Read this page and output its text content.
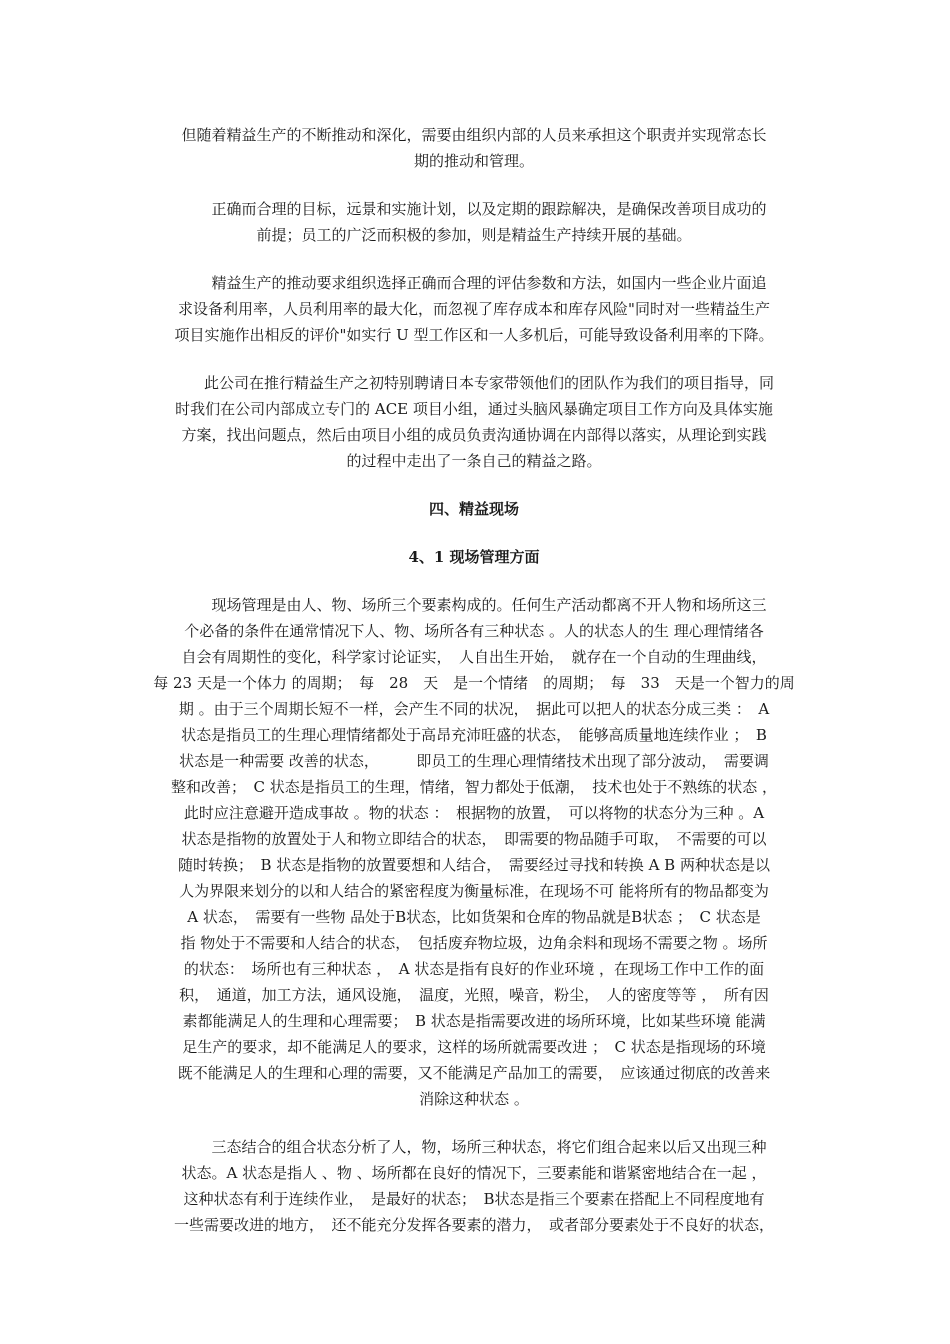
但随着精益生产的不断推动和深化，需要由组织内部的人员来承担这个职责并实现常态长
期的推动和管理。
　　正确而合理的目标，远景和实施计划，以及定期的跟踪解决，是确保改善项目成功的
前提；员工的广泛而积极的参加，则是精益生产持续开展的基础。
　　精益生产的推动要求组织选择正确而合理的评估参数和方法，如国内一些企业片面追
求设备利用率，人员利用率的最大化，而忽视了库存成本和库存风险"同时对一些精益生产
项目实施作出相反的评价"如实行 U 型工作区和一人多机后，可能导致设备利用率的下降。
　　此公司在推行精益生产之初特别聘请日本专家带领他们的团队作为我们的项目指导，同
时我们在公司内部成立专门的 ACE 项目小组，通过头脑风暴确定项目工作方向及具体实施
方案，找出问题点，然后由项目小组的成员负责沟通协调在内部得以落实，从理论到实践
的过程中走出了一条自己的精益之路。
四、精益现场
4、1 现场管理方面
　　现场管理是由人、物、场所三个要素构成的。任何生产活动都离不开人物和场所这三
个必备的条件在通常情况下人、物、场所各有三种状态 。人的状态人的生 理心理情绪各
自会有周期性的变化，科学家讨论证实，　人自出生开始，　就存在一个自动的生理曲线，
每 23 天是一个体力 的周期；　每　28　天　是一个情绪　的周期；　每　33　天是一个智力的周
期 。由于三个周期长短不一样，会产生不同的状况，　据此可以把人的状态分成三类 ：　A
状态是指员工的生理心理情绪都处于高昂充沛旺盛的状态，　能够高质量地连续作业 ；　B
状态是一种需要 改善的状态，　　　即员工的生理心理情绪技术出现了部分波动，　需要调
整和改善；　C 状态是指员工的生理，情绪，智力都处于低潮，　技术也处于不熟练的状态 ，
此时应注意避开造成事故 。物的状态 ：　根据物的放置，　可以将物的状态分为三种 。A
状态是指物的放置处于人和物立即结合的状态，　即需要的物品随手可取，　不需要的可以
随时转换；　B 状态是指物的放置要想和人结合，　需要经过寻找和转换 A B 两种状态是以
人为界限来划分的以和人结合的紧密程度为衡量标准，在现场不可 能将所有的物品都变为
A 状态，　需要有一些物 品处于B状态，比如货架和仓库的物品就是B状态 ；　C 状态是
指 物处于不需要和人结合的状态，　包括废弃物垃圾，边角余料和现场不需要之物 。场所
的状态：　场所也有三种状态 ，　A 状态是指有良好的作业环境 ，在现场工作中工作的面
积，　通道，加工方法，通风设施，　温度，光照，噪音，粉尘，　人的密度等等 ，　所有因
素都能满足人的生理和心理需要；　B 状态是指需要改进的场所环境，比如某些环境 能满
足生产的要求，却不能满足人的要求，这样的场所就需要改进 ；　C 状态是指现场的环境
既不能满足人的生理和心理的需要，又不能满足产品加工的需要，　应该通过彻底的改善来
消除这种状态 。
　　三态结合的组合状态分析了人，物，场所三种状态，将它们组合起来以后又出现三种
状态。A 状态是指人 、物 、场所都在良好的情况下，三要素能和谐紧密地结合在一起 ，
这种状态有利于连续作业，　是最好的状态；　B状态是指三个要素在搭配上不同程度地有
一些需要改进的地方，　还不能充分发挥各要素的潜力，　或者部分要素处于不良好的状态，
